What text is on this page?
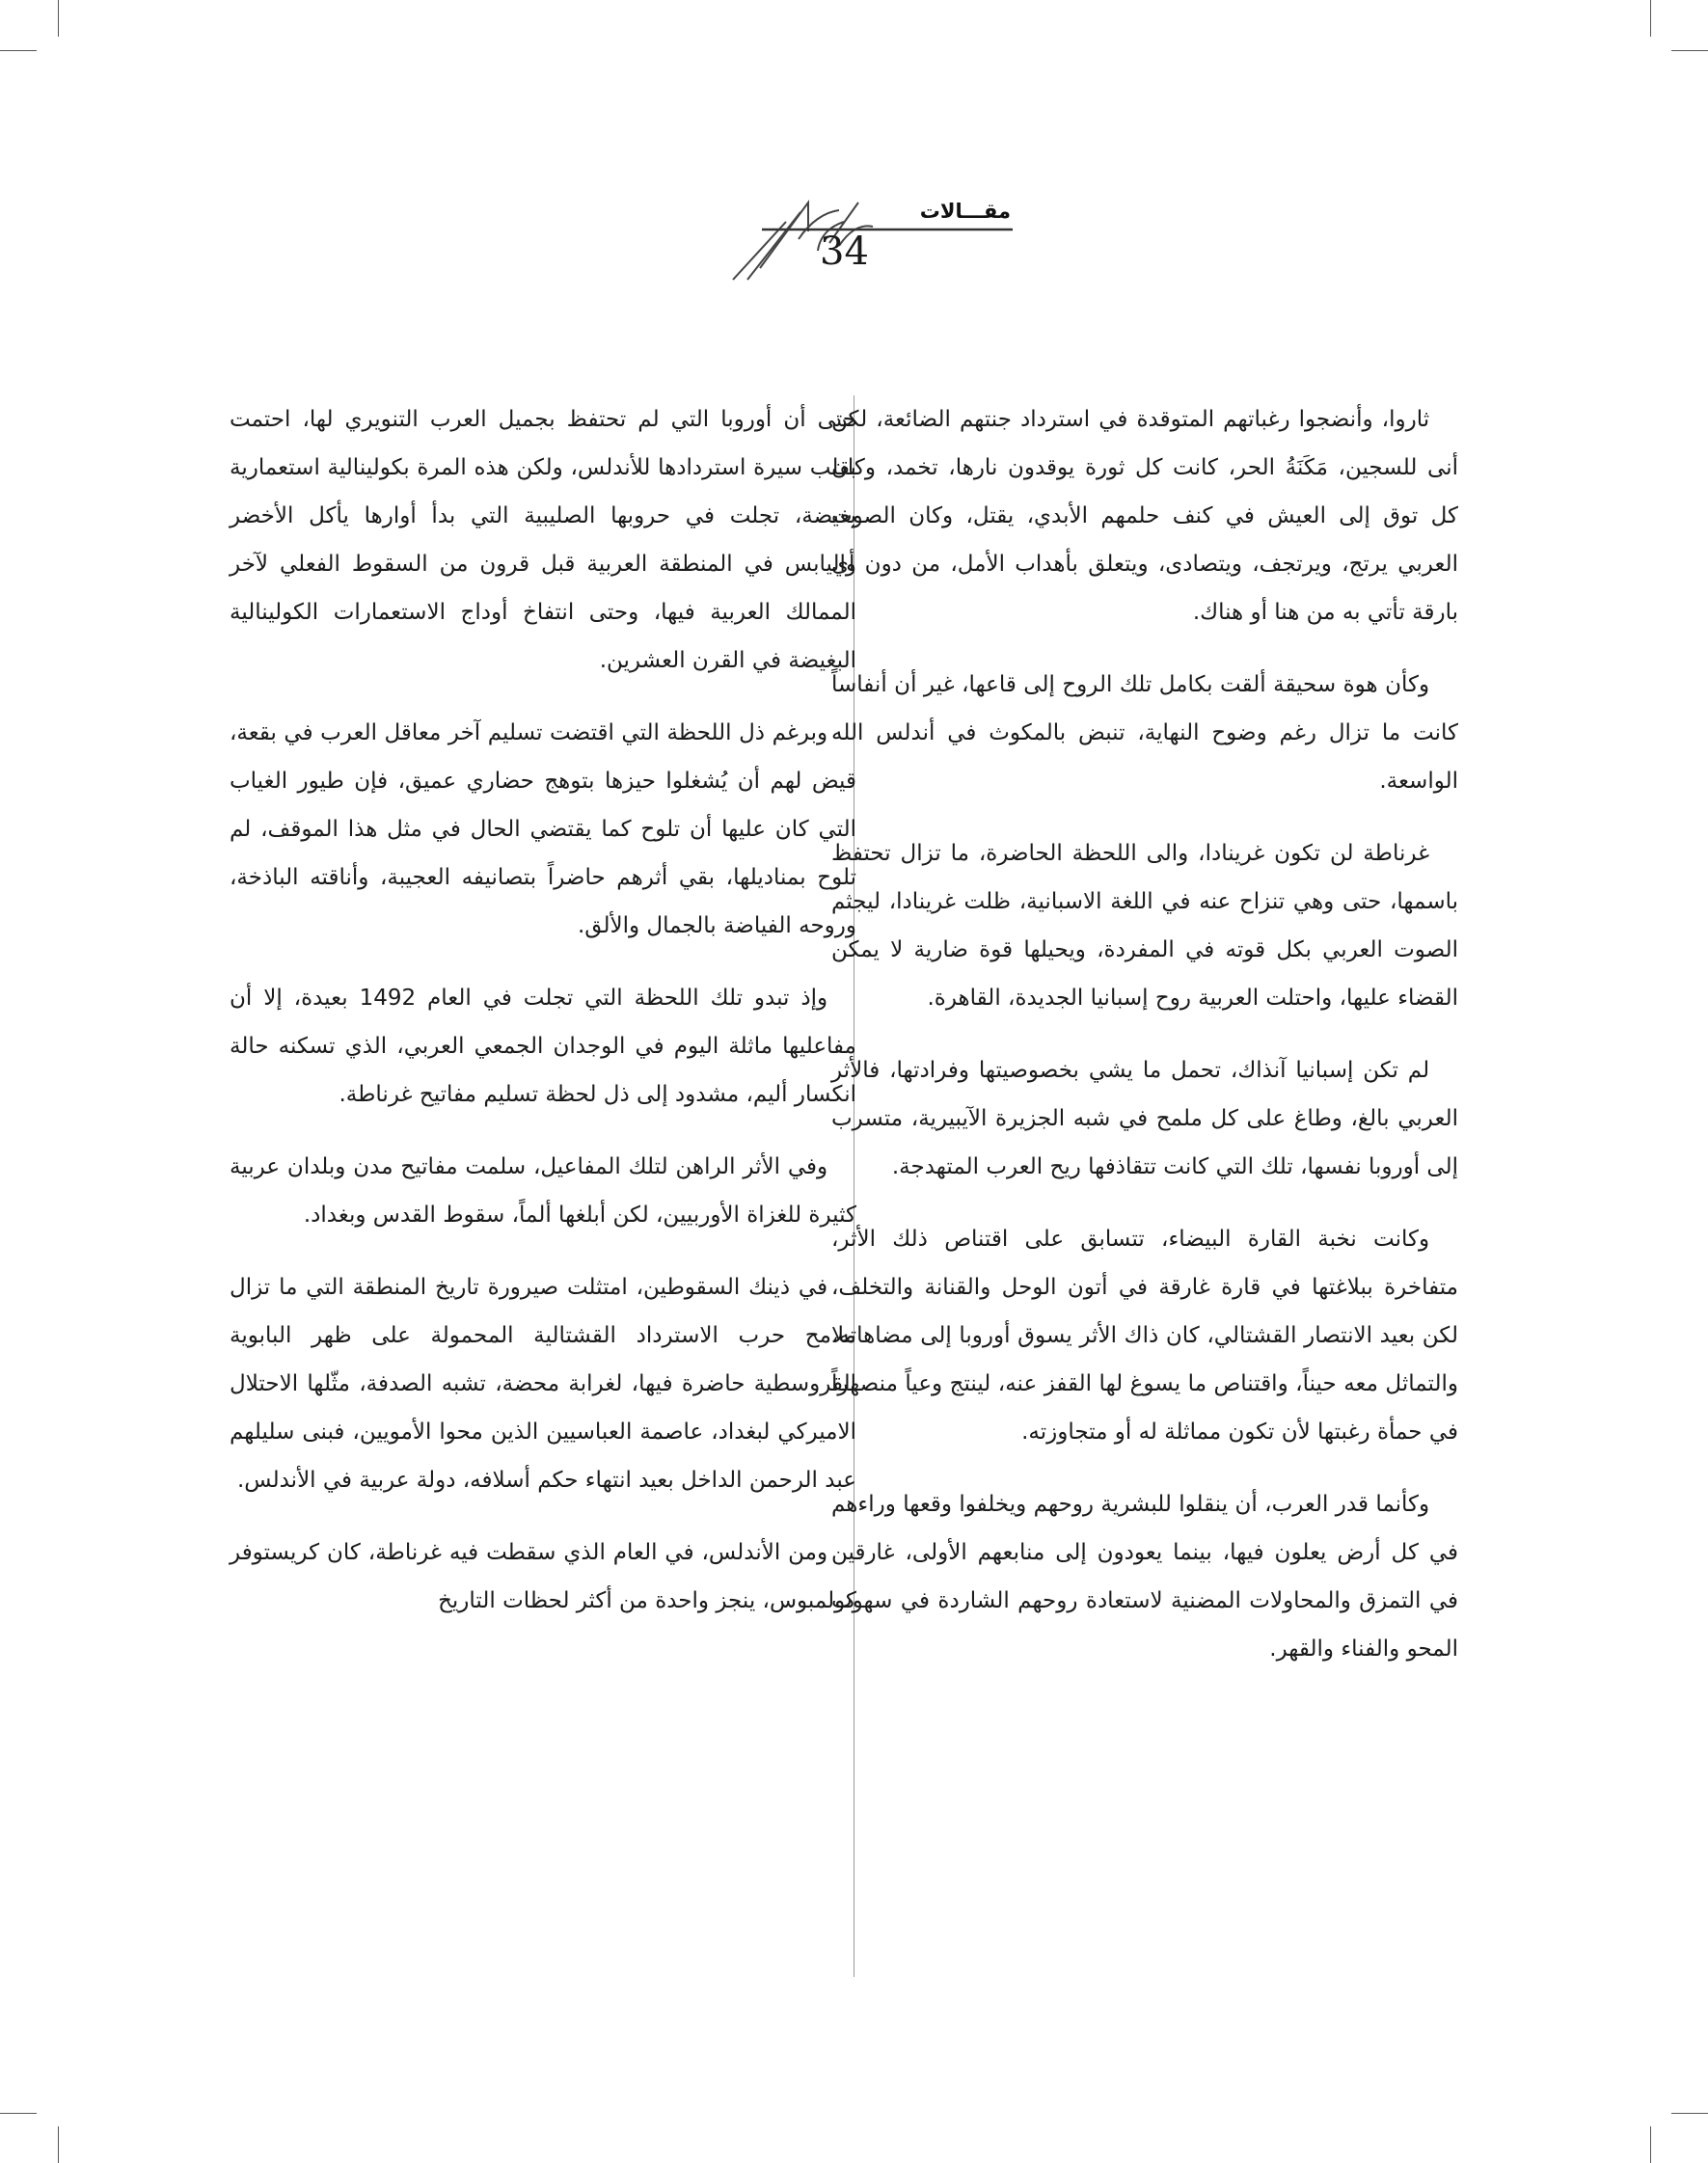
مقـــالات
34

ثاروا، وأنضجوا رغباتهم المتوقدة في استرداد جنتهم الضائعة، لكن أنى للسجين، مَكَنَةُ الحر، كانت كل ثورة يوقدون نارها، تخمد، وكان كل توق إلى العيش في كنف حلمهم الأبدي، يقتل، وكان الصوت العربي يرتج، ويرتجف، ويتصادى، ويتعلق بأهداب الأمل، من دون أي بارقة تأتي به من هنا أو هناك.

وكأن هوة سحيقة ألقت بكامل تلك الروح إلى قاعها، غير أن أنفاساً كانت ما تزال رغم وضوح النهاية، تنبض بالمكوث في أندلس الله الواسعة.

غرناطة لن تكون غرينادا، والى اللحظة الحاضرة، ما تزال تحتفظ باسمها، حتى وهي تنزاح عنه في اللغة الاسبانية، ظلت غرينادا، ليجثم الصوت العربي بكل قوته في المفردة، ويحيلها قوة ضارية لا يمكن القضاء عليها، واحتلت العربية روح إسبانيا الجديدة، القاهرة.

لم تكن إسبانيا آنذاك، تحمل ما يشي بخصوصيتها وفرادتها، فالأثر العربي بالغ، وطاغ على كل ملمح في شبه الجزيرة الآيبيرية، متسرب إلى أوروبا نفسها، تلك التي كانت تتقاذفها ريح العرب المتهدجة.

وكانت نخبة القارة البيضاء، تتسابق على اقتناص ذلك الأثر، متفاخرة ببلاغتها في قارة غارقة في أتون الوحل والقنانة والتخلف، لكن بعيد الانتصار القشتالي، كان ذاك الأثر يسوق أوروبا إلى مضاهاته، والتماثل معه حيناً، واقتناص ما يسوغ لها القفز عنه، لينتج وعياً منصهراً في حمأة رغبتها لأن تكون مماثلة له أو متجاوزته.

وكأنما قدر العرب، أن ينقلوا للبشرية روحهم ويخلفوا وقعها وراءهم في كل أرض يعلون فيها، بينما يعودون إلى منابعهم الأولى، غارقين في التمزق والمحاولات المضنية لاستعادة روحهم الشاردة في سهوب المحو والفناء والقهر.

حتى أن أوروبا التي لم تحتفظ بجميل العرب التنويري لها، احتمت بقلب سيرة استردادها للأندلس، ولكن هذه المرة بكولينالية استعمارية بغيضة، تجلت في حروبها الصليبية التي بدأ أوارها يأكل الأخضر واليابس في المنطقة العربية قبل قرون من السقوط الفعلي لآخر الممالك العربية فيها، وحتى انتفاخ أوداج الاستعمارات الكولينالية البغيضة في القرن العشرين.

وبرغم ذل اللحظة التي اقتضت تسليم آخر معاقل العرب في بقعة، قيض لهم أن يُشغلوا حيزها بتوهج حضاري عميق، فإن طيور الغياب التي كان عليها أن تلوح كما يقتضي الحال في مثل هذا الموقف، لم تلوح بمناديلها، بقي أثرهم حاضراً بتصانيفه العجيبة، وأناقته الباذخة، وروحه الفياضة بالجمال والألق.

وإذ تبدو تلك اللحظة التي تجلت في العام 1492 بعيدة، إلا أن مفاعليها ماثلة اليوم في الوجدان الجمعي العربي، الذي تسكنه حالة انكسار أليم، مشدود إلى ذل لحظة تسليم مفاتيح غرناطة.

وفي الأثر الراهن لتلك المفاعيل، سلمت مفاتيح مدن وبلدان عربية كثيرة للغزاة الأوربيين، لكن أبلغها ألماً، سقوط القدس وبغداد.

في ذينك السقوطين، امتثلت صيرورة تاريخ المنطقة التي ما تزال ملامح حرب الاسترداد القشتالية المحمولة على ظهر البابوية القروسطية حاضرة فيها، لغرابة محضة، تشبه الصدفة، مثّلها الاحتلال الاميركي لبغداد، عاصمة العباسيين الذين محوا الأمويين، فبنى سليلهم عبد الرحمن الداخل بعيد انتهاء حكم أسلافه، دولة عربية في الأندلس.

ومن الأندلس، في العام الذي سقطت فيه غرناطة، كان كريستوفر كولمبوس، ينجز واحدة من أكثر لحظات التاريخ
